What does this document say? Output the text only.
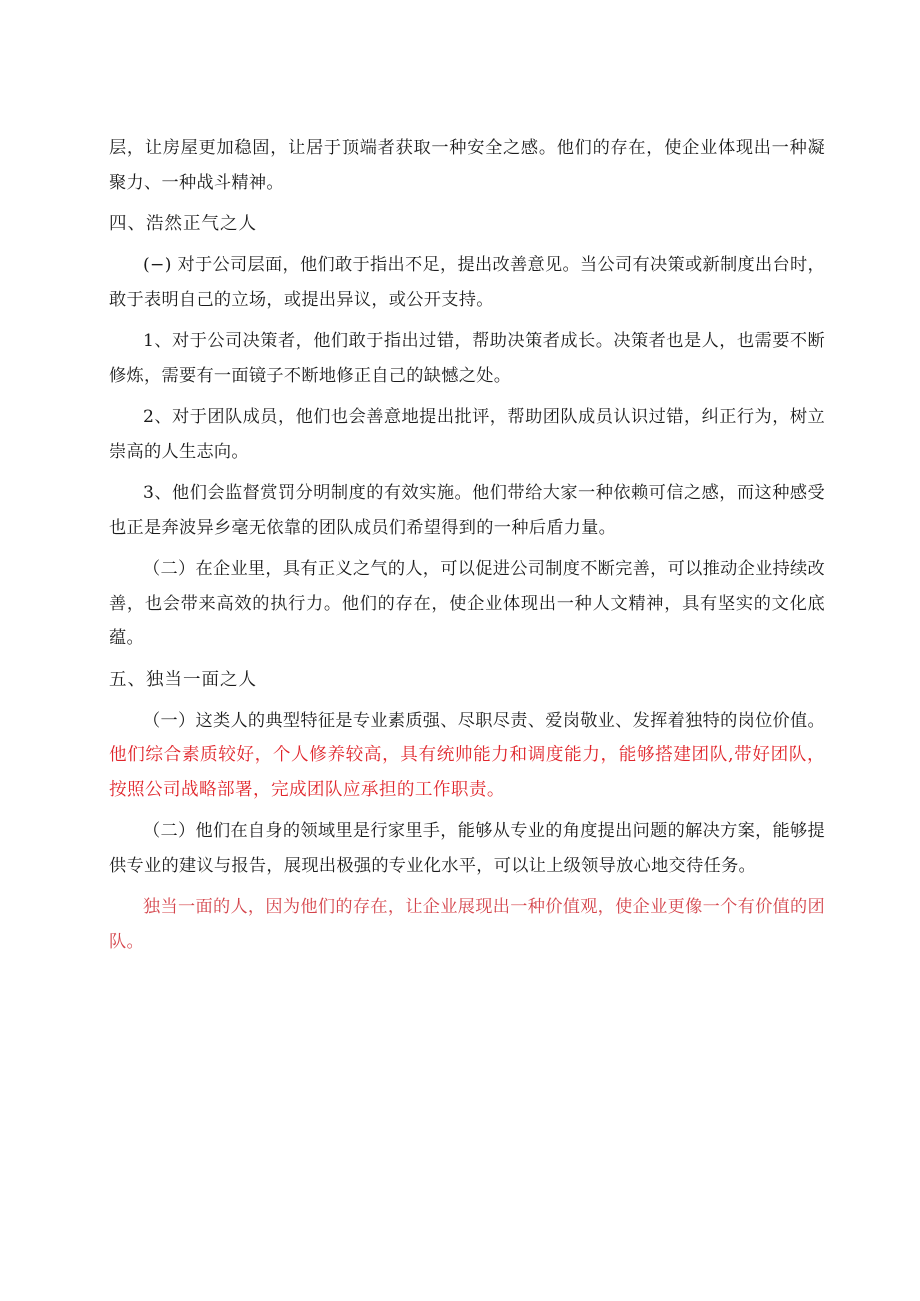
层，让房屋更加稳固，让居于顶端者获取一种安全之感。他们的存在，使企业体现出一种凝聚力、一种战斗精神。

四、浩然正气之人

(−) 对于公司层面，他们敢于指出不足，提出改善意见。当公司有决策或新制度出台时，敢于表明自己的立场，或提出异议，或公开支持。

1、对于公司决策者，他们敢于指出过错，帮助决策者成长。决策者也是人，也需要不断修炼，需要有一面镜子不断地修正自己的缺憾之处。

2、对于团队成员，他们也会善意地提出批评，帮助团队成员认识过错，纠正行为，树立崇高的人生志向。

3、他们会监督赏罚分明制度的有效实施。他们带给大家一种依赖可信之感，而这种感受也正是奔波异乡毫无依靠的团队成员们希望得到的一种后盾力量。

（二）在企业里，具有正义之气的人，可以促进公司制度不断完善，可以推动企业持续改善，也会带来高效的执行力。他们的存在，使企业体现出一种人文精神，具有坚实的文化底蕴。

五、独当一面之人

（一）这类人的典型特征是专业素质强、尽职尽责、爱岗敬业、发挥着独特的岗位价值。他们综合素质较好，个人修养较高，具有统帅能力和调度能力，能够搭建团队,带好团队，按照公司战略部署，完成团队应承担的工作职责。

（二）他们在自身的领域里是行家里手，能够从专业的角度提出问题的解决方案，能够提供专业的建议与报告，展现出极强的专业化水平，可以让上级领导放心地交待任务。

独当一面的人，因为他们的存在，让企业展现出一种价值观，使企业更像一个有价值的团队。
